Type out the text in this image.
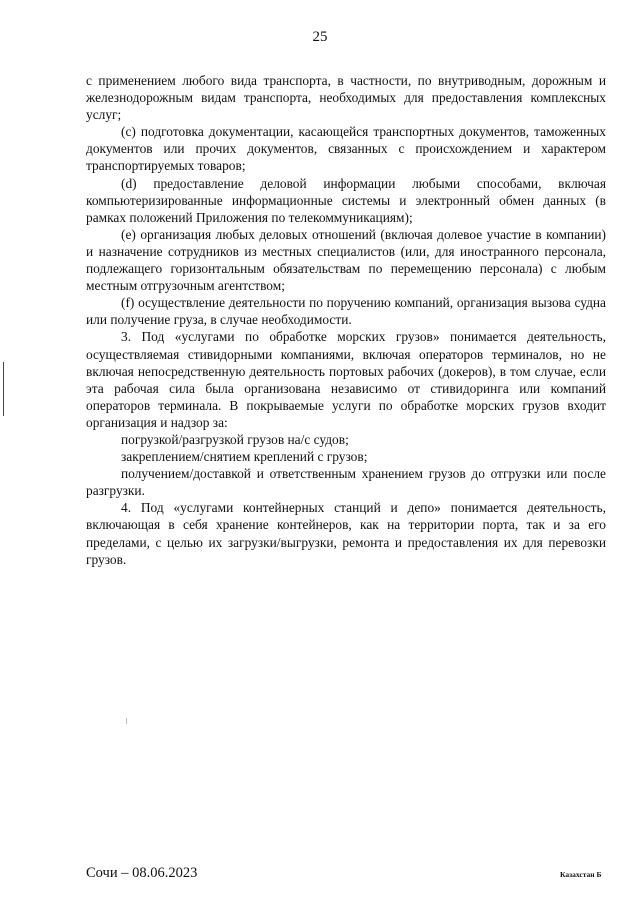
25

с применением любого вида транспорта, в частности, по внутриводным, дорожным и железнодорожным видам транспорта, необходимых для предоставления комплексных услуг;

(c) подготовка документации, касающейся транспортных документов, таможенных документов или прочих документов, связанных с происхождением и характером транспортируемых товаров;

(d) предоставление деловой информации любыми способами, включая компьютеризированные информационные системы и электронный обмен данных (в рамках положений Приложения по телекоммуникациям);

(e) организация любых деловых отношений (включая долевое участие в компании) и назначение сотрудников из местных специалистов (или, для иностранного персонала, подлежащего горизонтальным обязательствам по перемещению персонала) с любым местным отгрузочным агентством;

(f) осуществление деятельности по поручению компаний, организация вызова судна или получение груза, в случае необходимости.

3. Под «услугами по обработке морских грузов» понимается деятельность, осуществляемая стивидорными компаниями, включая операторов терминалов, но не включая непосредственную деятельность портовых рабочих (докеров), в том случае, если эта рабочая сила была организована независимо от стивидоринга или компаний операторов терминала. В покрываемые услуги по обработке морских грузов входит организация и надзор за:

погрузкой/разгрузкой грузов на/с судов;

закреплением/снятием креплений с грузов;

получением/доставкой и ответственным хранением грузов до отгрузки или после разгрузки.

4. Под «услугами контейнерных станций и депо» понимается деятельность, включающая в себя хранение контейнеров, как на территории порта, так и за его пределами, с целью их загрузки/выгрузки, ремонта и предоставления их для перевозки грузов.

Сочи – 08.06.2023	Казахстан Б
